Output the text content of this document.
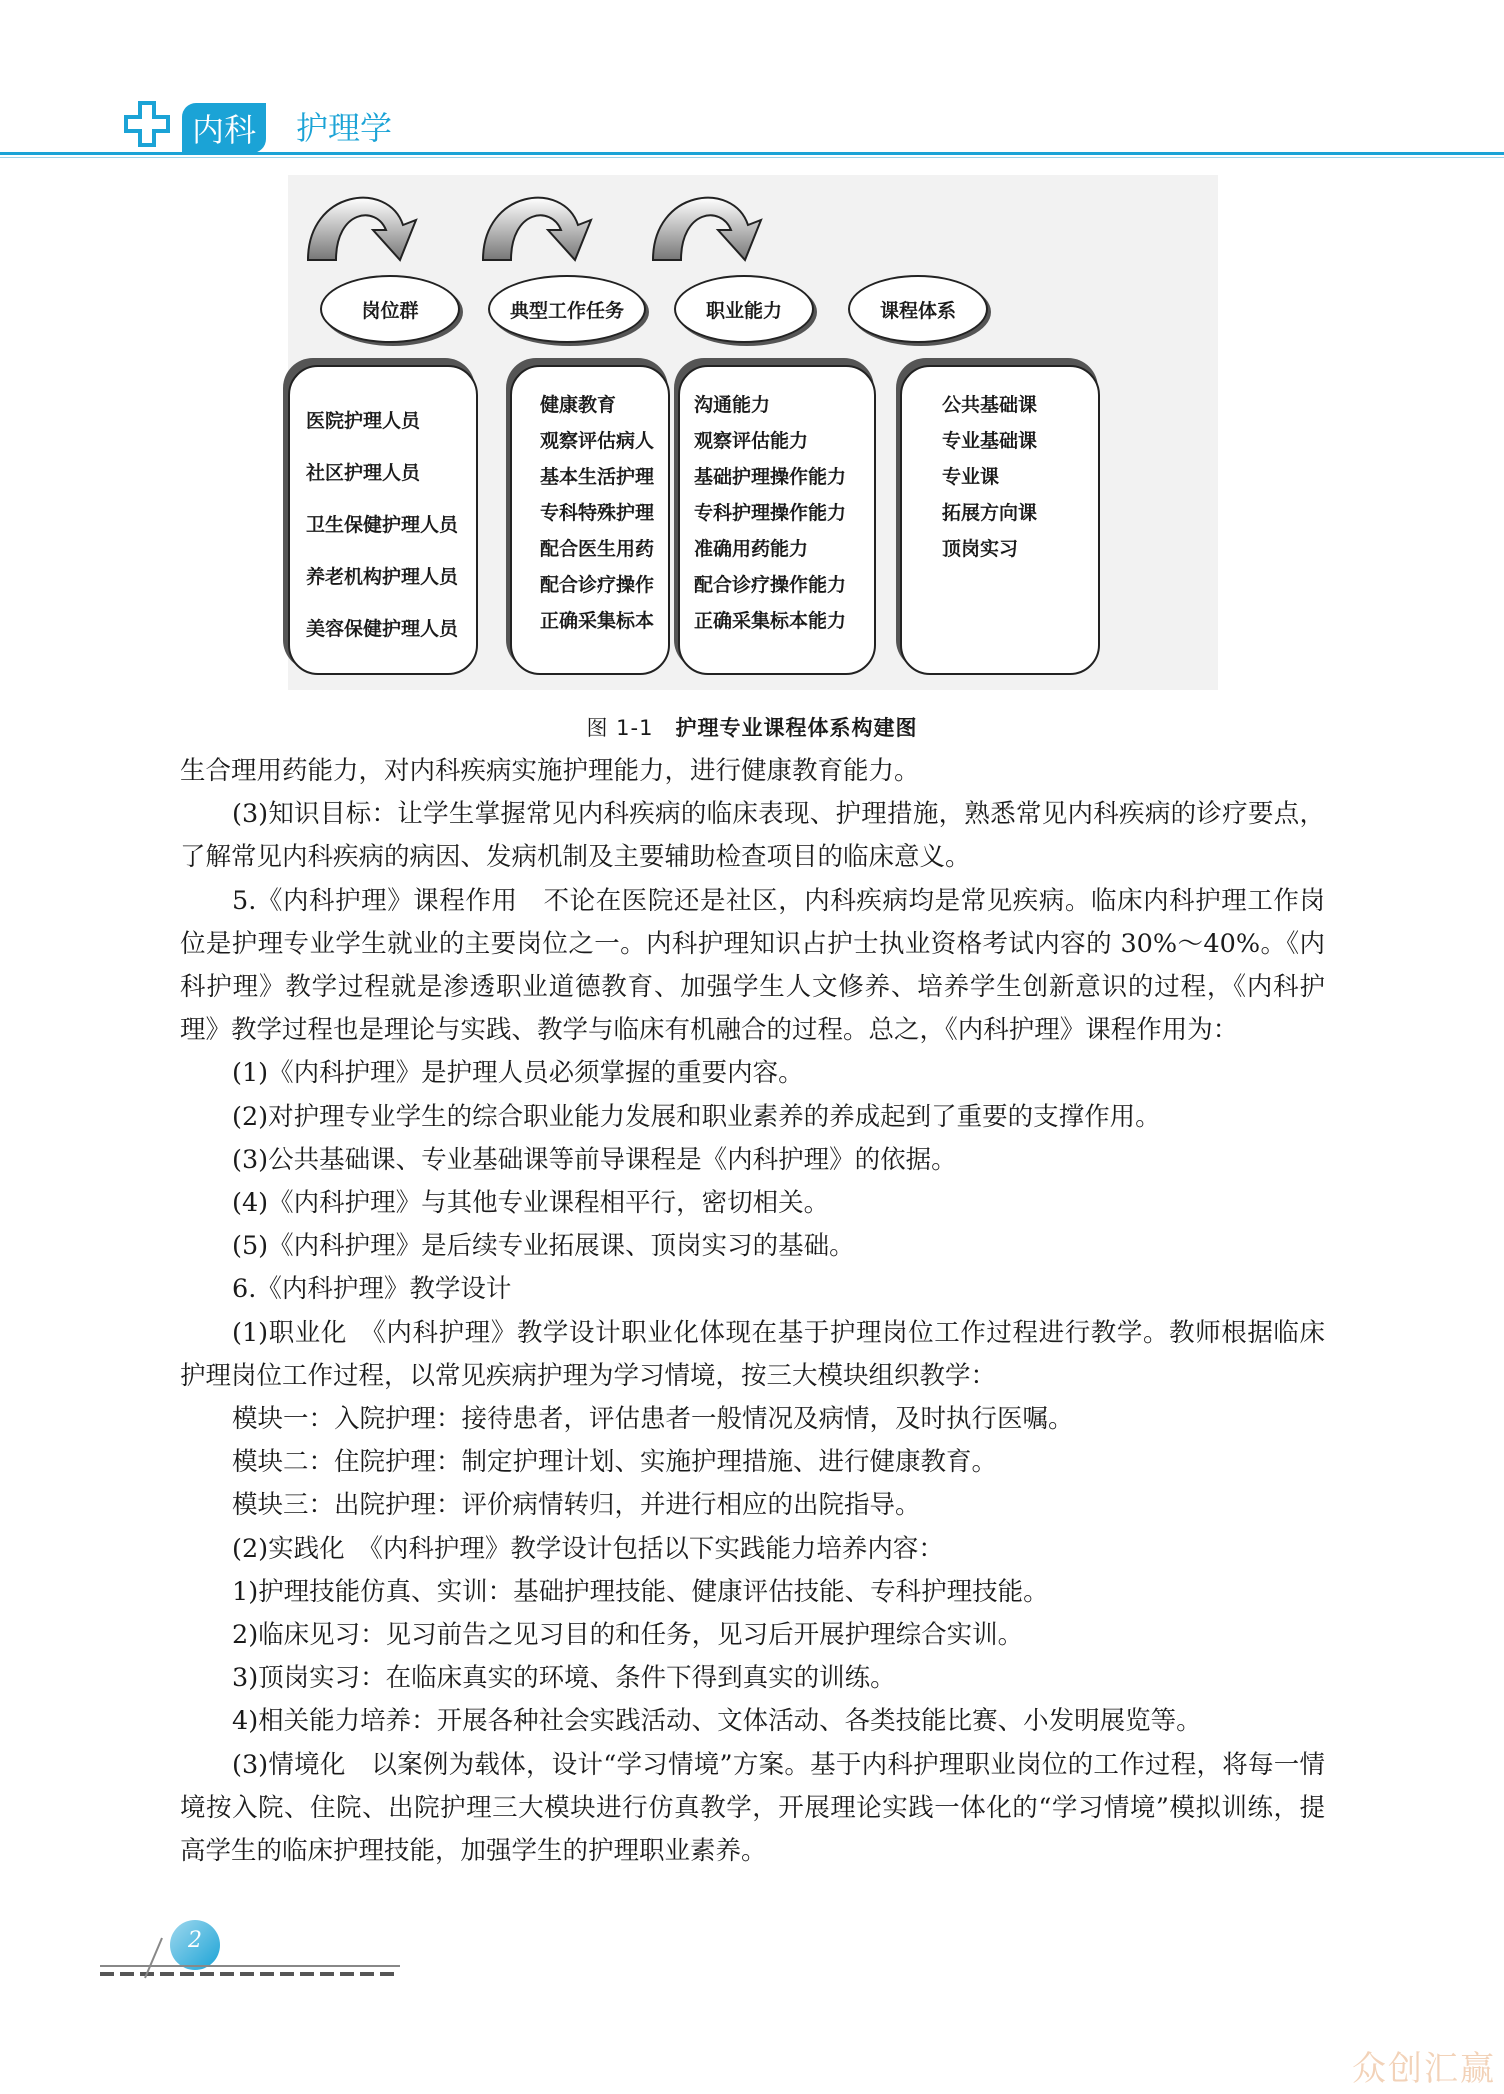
内科	护理学
岗位群	典型工作任务	职业能力	课程体系
医院护理人员
社区护理人员
卫生保健护理人员
养老机构护理人员
美容保健护理人员
健康教育
观察评估病人
基本生活护理
专科特殊护理
配合医生用药
配合诊疗操作
正确采集标本
沟通能力
观察评估能力
基础护理操作能力
专科护理操作能力
准确用药能力
配合诊疗操作能力
正确采集标本能力
公共基础课
专业基础课
专业课
拓展方向课
顶岗实习
图 1-1 护理专业课程体系构建图

生合理用药能力，对内科疾病实施护理能力，进行健康教育能力。

(3)知识目标：让学生掌握常见内科疾病的临床表现、护理措施，熟悉常见内科疾病的诊疗要点，了解常见内科疾病的病因、发病机制及主要辅助检查项目的临床意义。

5.《内科护理》课程作用　不论在医院还是社区，内科疾病均是常见疾病。临床内科护理工作岗位是护理专业学生就业的主要岗位之一。内科护理知识占护士执业资格考试内容的 30%～40%。《内科护理》教学过程就是渗透职业道德教育、加强学生人文修养、培养学生创新意识的过程，《内科护理》教学过程也是理论与实践、教学与临床有机融合的过程。总之，《内科护理》课程作用为：

(1)《内科护理》是护理人员必须掌握的重要内容。

(2)对护理专业学生的综合职业能力发展和职业素养的养成起到了重要的支撑作用。

(3)公共基础课、专业基础课等前导课程是《内科护理》的依据。

(4)《内科护理》与其他专业课程相平行，密切相关。

(5)《内科护理》是后续专业拓展课、顶岗实习的基础。

6.《内科护理》教学设计

(1)职业化　《内科护理》教学设计职业化体现在基于护理岗位工作过程进行教学。教师根据临床护理岗位工作过程，以常见疾病护理为学习情境，按三大模块组织教学：

模块一：入院护理：接待患者，评估患者一般情况及病情，及时执行医嘱。

模块二：住院护理：制定护理计划、实施护理措施、进行健康教育。

模块三：出院护理：评价病情转归，并进行相应的出院指导。

(2)实践化　《内科护理》教学设计包括以下实践能力培养内容：

1)护理技能仿真、实训：基础护理技能、健康评估技能、专科护理技能。

2)临床见习：见习前告之见习目的和任务，见习后开展护理综合实训。

3)顶岗实习：在临床真实的环境、条件下得到真实的训练。

4)相关能力培养：开展各种社会实践活动、文体活动、各类技能比赛、小发明展览等。

(3)情境化　以案例为载体，设计“学习情境”方案。基于内科护理职业岗位的工作过程，将每一情境按入院、住院、出院护理三大模块进行仿真教学，开展理论实践一体化的“学习情境”模拟训练，提高学生的临床护理技能，加强学生的护理职业素养。

2
众创汇赢
